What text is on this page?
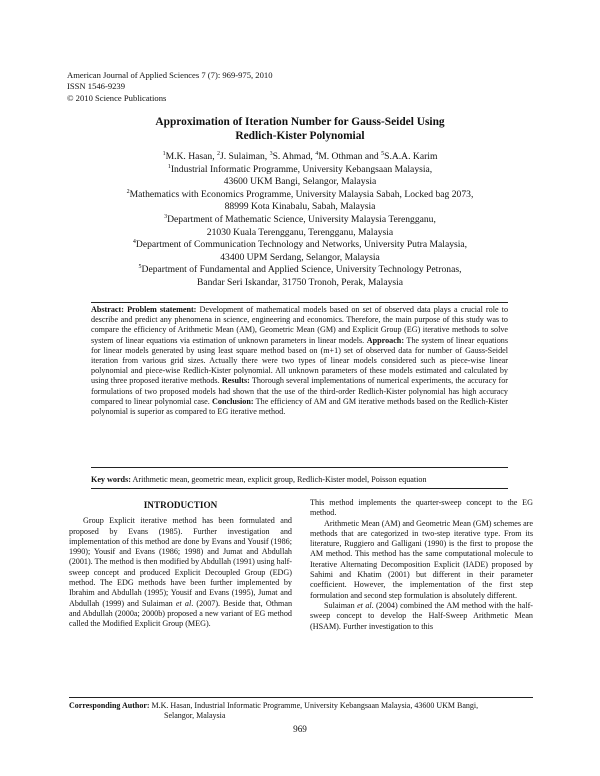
American Journal of Applied Sciences 7 (7): 969-975, 2010
ISSN 1546-9239
© 2010 Science Publications
Approximation of Iteration Number for Gauss-Seidel Using
Redlich-Kister Polynomial
$^1$M.K. Hasan, $^2$J. Sulaiman, $^3$S. Ahmad, $^4$M. Othman and $^5$S.A.A. Karim
$^1$Industrial Informatic Programme, University Kebangsaan Malaysia,
43600 UKM Bangi, Selangor, Malaysia
$^2$Mathematics with Economics Programme, University Malaysia Sabah, Locked bag 2073,
88999 Kota Kinabalu, Sabah, Malaysia
$^3$Department of Mathematic Science, University Malaysia Terengganu,
21030 Kuala Terengganu, Terengganu, Malaysia
$^4$Department of Communication Technology and Networks, University Putra Malaysia,
43400 UPM Serdang, Selangor, Malaysia
$^5$Department of Fundamental and Applied Science, University Technology Petronas,
Bandar Seri Iskandar, 31750 Tronoh, Perak, Malaysia
Abstract: Problem statement: Development of mathematical models based on set of observed data plays a crucial role to describe and predict any phenomena in science, engineering and economics. Therefore, the main purpose of this study was to compare the efficiency of Arithmetic Mean (AM), Geometric Mean (GM) and Explicit Group (EG) iterative methods to solve system of linear equations via estimation of unknown parameters in linear models. Approach: The system of linear equations for linear models generated by using least square method based on (m+1) set of observed data for number of Gauss-Seidel iteration from various grid sizes. Actually there were two types of linear models considered such as piece-wise linear polynomial and piece-wise Redlich-Kister polynomial. All unknown parameters of these models estimated and calculated by using three proposed iterative methods. Results: Thorough several implementations of numerical experiments, the accuracy for formulations of two proposed models had shown that the use of the third-order Redlich-Kister polynomial has high accuracy compared to linear polynomial case. Conclusion: The efficiency of AM and GM iterative methods based on the Redlich-Kister polynomial is superior as compared to EG iterative method.
Key words: Arithmetic mean, geometric mean, explicit group, Redlich-Kister model, Poisson equation
INTRODUCTION

Group Explicit iterative method has been formulated and proposed by Evans (1985). Further investigation and implementation of this method are done by Evans and Yousif (1986; 1990); Yousif and Evans (1986; 1998) and Jumat and Abdullah (2001). The method is then modified by Abdullah (1991) using half-sweep concept and produced Explicit Decoupled Group (EDG) method. The EDG methods have been further implemented by Ibrahim and Abdullah (1995); Yousif and Evans (1995), Jumat and Abdullah (1999) and Sulaiman et al. (2007). Beside that, Othman and Abdullah (2000a; 2000b) proposed a new variant of EG method called the Modified Explicit Group (MEG).

This method implements the quarter-sweep concept to the EG method.

Arithmetic Mean (AM) and Geometric Mean (GM) schemes are methods that are categorized in two-step iterative type. From its literature, Ruggiero and Galligani (1990) is the first to propose the AM method. This method has the same computational molecule to Iterative Alternating Decomposition Explicit (IADE) proposed by Sahimi and Khatim (2001) but different in their parameter coefficient. However, the implementation of the first step formulation and second step formulation is absolutely different.

Sulaiman et al. (2004) combined the AM method with the half-sweep concept to develop the Half-Sweep Arithmetic Mean (HSAM). Further investigation to this

Corresponding Author: M.K. Hasan, Industrial Informatic Programme, University Kebangsaan Malaysia, 43600 UKM Bangi,
Selangor, Malaysia
969
